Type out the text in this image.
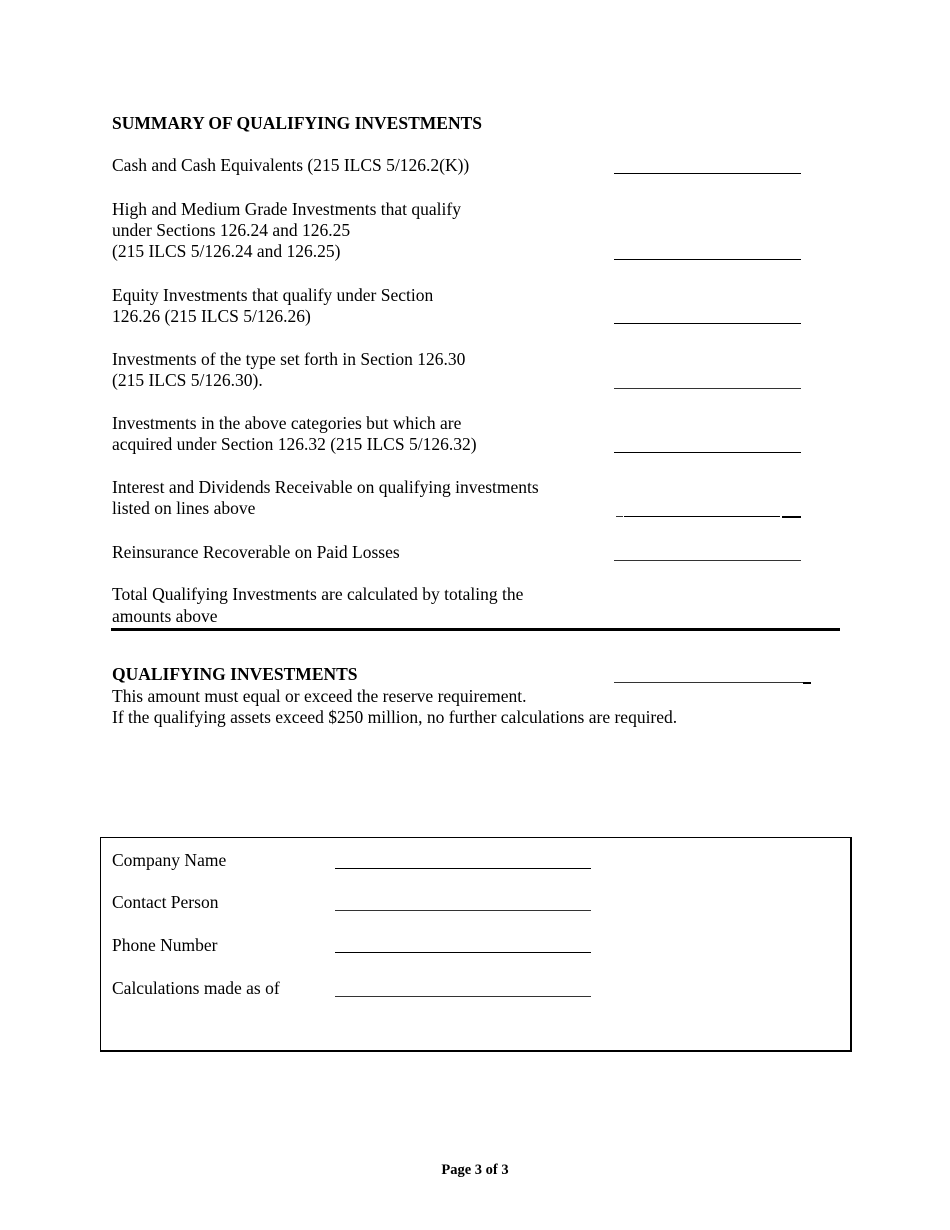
SUMMARY OF QUALIFYING INVESTMENTS
Cash and Cash Equivalents (215 ILCS 5/126.2(K))
High and Medium Grade Investments that qualify
under Sections 126.24 and 126.25
(215 ILCS 5/126.24 and 126.25)
Equity Investments that qualify under Section
126.26 (215 ILCS 5/126.26)
Investments of the type set forth in Section 126.30
(215 ILCS 5/126.30).
Investments in the above categories but which are
acquired under Section 126.32 (215 ILCS 5/126.32)
Interest and Dividends Receivable on qualifying investments
listed on lines above
Reinsurance Recoverable on Paid Losses
Total Qualifying Investments are calculated by totaling the
amounts above
QUALIFYING INVESTMENTS
This amount must equal or exceed the reserve requirement.
If the qualifying assets exceed $250 million, no further calculations are required.
Company Name
Contact Person
Phone Number
Calculations made as of
Page 3 of 3
